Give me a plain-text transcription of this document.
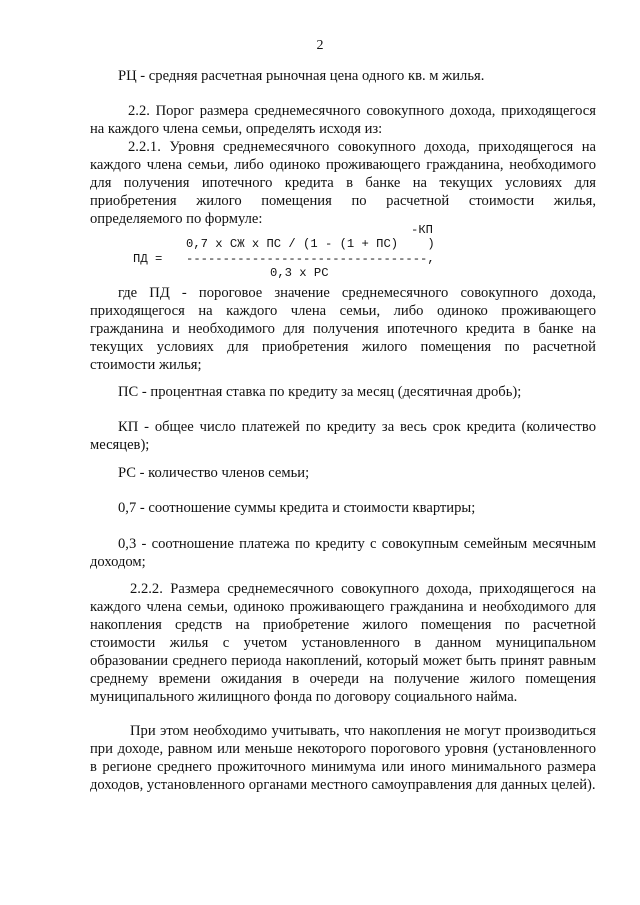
2

РЦ - средняя расчетная рыночная цена одного кв. м жилья.

2.2. Порог размера среднемесячного совокупного дохода, приходящегося на каждого члена семьи, определять исходя из:

2.2.1. Уровня среднемесячного совокупного дохода, приходящегося на каждого члена семьи, либо одиноко проживающего гражданина, необходимого для получения ипотечного кредита в банке на текущих условиях для приобретения жилого помещения по расчетной стоимости жилья, определяемого по формуле:

-КП
0,7 х СЖ х ПС / (1 - (1 + ПС)    )
ПД = ---------------------------------,
0,3 х РС

где ПД - пороговое значение среднемесячного совокупного дохода, приходящегося на каждого члена семьи, либо одиноко проживающего гражданина и необходимого для получения ипотечного кредита в банке на текущих условиях для приобретения жилого помещения по расчетной стоимости жилья;

ПС - процентная ставка по кредиту за месяц (десятичная дробь);

КП - общее число платежей по кредиту за весь срок кредита (количество месяцев);

РС - количество членов семьи;

0,7 - соотношение суммы кредита и стоимости квартиры;

0,3 - соотношение платежа по кредиту с совокупным семейным месячным доходом;

2.2.2. Размера среднемесячного совокупного дохода, приходящегося на каждого члена семьи, одиноко проживающего гражданина и необходимого для накопления средств на приобретение жилого помещения по расчетной стоимости жилья с учетом установленного в данном муниципальном образовании среднего периода накоплений, который может быть принят равным среднему времени ожидания в очереди на получение жилого помещения муниципального жилищного фонда по договору социального найма.

При этом необходимо учитывать, что накопления не могут производиться при доходе, равном или меньше некоторого порогового уровня (установленного в регионе среднего прожиточного минимума или иного минимального размера доходов, установленного органами местного самоуправления для данных целей).
